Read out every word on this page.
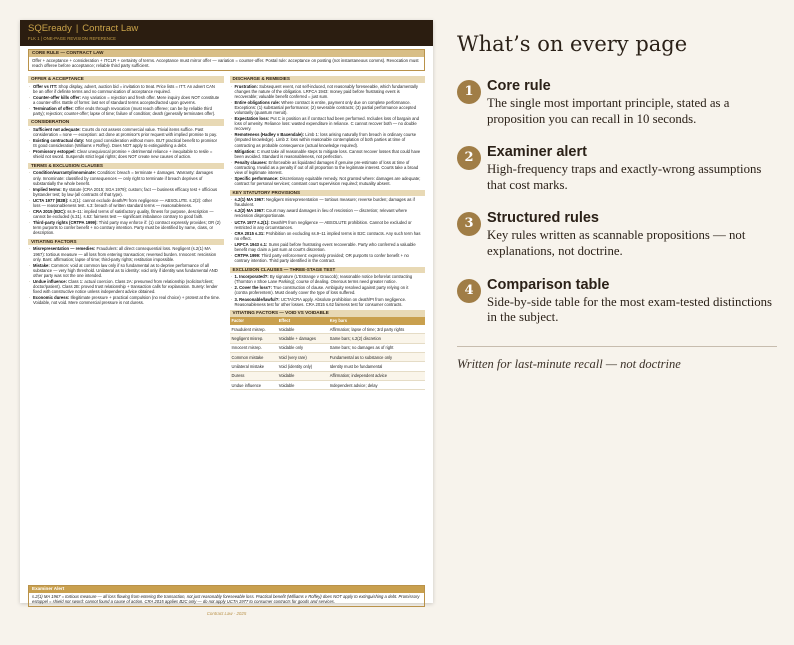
SQEready | Contract Law
FLK 1 | ONE-PAGE REVISION REFERENCE
CORE RULE — CONTRACT LAW
Offer + acceptance + consideration + ITCLR + certainty of terms. Acceptance must mirror offer — variation = counter-offer. Postal rule: acceptance on posting (not instantaneous comms). Revocation must reach offeree before acceptance; reliable third party sufficient.
OFFER & ACCEPTANCE
· Offer vs ITT: Shop display, advert, auction bid = invitation to treat. Price lists = ITT. An advert CAN be an offer if definite terms and no communication of acceptance required.
· Counter-offer kills offer: Any variation = rejection and fresh offer. Mere inquiry does NOT constitute a counter-offer. Battle of forms: last set of standard terms accepted/acted upon governs.
· Termination of offer: Offer ends through revocation (must reach offeree; can be by reliable third party); rejection; counter-offer; lapse of time; failure of condition; death (generally terminates offer).
CONSIDERATION
· Sufficient not adequate: Courts do not assess commercial value. Trivial items suffice. Past consideration = none — exception: act done at promisor's prior request with implied promise to pay.
· Existing contractual duty: Not good consideration without more. BUT practical benefit to promisor IS good consideration (Williams v Roffey). Does NOT apply to extinguishing a debt.
· Promissory estoppel: Clear unequivocal promise + detrimental reliance + inequitable to resile = shield not sword. Suspends strict legal rights; does NOT create new causes of action.
TERMS & EXCLUSION CLAUSES
· Condition/warranty/innominate: Condition: breach = terminate + damages. Warranty: damages only. Innominate: classified by consequences — only right to terminate if breach deprives of substantially the whole benefit.
· Implied terms: By statute (CRA 2015; SGA 1979); custom; fact — business efficacy test + officious bystander test; by law (all contracts of that type).
· UCTA 1977 (B2B): s.2(1): cannot exclude death/PI from negligence — ABSOLUTE. s.2(2): other loss — reasonableness test. s.3: breach of written standard terms — reasonableness.
· CRA 2015 (B2C): ss.9–11: implied terms of satisfactory quality, fitness for purpose, description — cannot be excluded (s.31). s.62: fairness test — significant imbalance contrary to good faith.
· Third-party rights (CRTPA 1999): Third party may enforce if: (1) contract expressly provides; OR (2) term purports to confer benefit + no contrary intention. Party must be identified by name, class, or description.
VITIATING FACTORS
· Misrepresentation — remedies: Fraudulent: all direct consequential loss. Negligent (s.2(1) MA 1967): tortious measure — all loss from entering transaction; reversed burden. Innocent: rescission only. Bars: affirmation; lapse of time; third-party rights; restitution impossible.
· Mistake: Common: void at common law only if so fundamental as to deprive performance of all substance — very high threshold. Unilateral as to identity: void only if identity was fundamental AND other party was not the one intended.
· Undue influence: Class 1: actual coercion. Class 2A: presumed from relationship (solicitor/client; doctor/patient). Class 2B: proved trust relationship + transaction calls for explanation. Surety: lender fixed with constructive notice unless independent advice obtained.
· Economic duress: Illegitimate pressure + practical compulsion (no real choice) + protest at the time. Voidable, not void. Mere commercial pressure is not duress.
DISCHARGE & REMEDIES
· Frustration: Subsequent event, not self-induced, not reasonably foreseeable, which fundamentally changes the nature of the obligation. LRFCA 1943: money paid before frustrating event is recoverable; valuable benefit conferred = just sum.
· Entire obligations rule: Where contract is entire, payment only due on complete performance. Exceptions: (1) substantial performance; (2) severable contracts; (3) partial performance accepted voluntarily (quantum meruit).
· Expectation loss: Put C in position as if contract had been performed. Includes loss of bargain and loss of amenity. Reliance loss: wasted expenditure in reliance. C cannot recover both — no double recovery.
· Remoteness (Hadley v Baxendale): Limb 1: loss arising naturally from breach in ordinary course (imputed knowledge). Limb 2: loss within reasonable contemplation of both parties at time of contracting as probable consequence (actual knowledge required).
· Mitigation: C must take all reasonable steps to mitigate loss. Cannot recover losses that could have been avoided. Standard is reasonableness, not perfection.
· Penalty clauses: Enforceable as liquidated damages if genuine pre-estimate of loss at time of contracting. Invalid as a penalty if out of all proportion to the legitimate interest. Courts take a broad view of legitimate interest.
· Specific performance: Discretionary equitable remedy. Not granted where: damages are adequate; contract for personal services; constant court supervision required; mutuality absent.
KEY STATUTORY PROVISIONS
· s.2(1) MA 1967: Negligent misrepresentation — tortious measure; reverse burden; damages as if fraudulent.
· s.2(2) MA 1967: Court may award damages in lieu of rescission — discretion; relevant where rescission disproportionate.
· UCTA 1977 s.2(1): Death/PI from negligence — ABSOLUTE prohibition. Cannot be excluded or restricted in any circumstances.
· CRA 2015 s.31: Prohibition on excluding ss.9–11 implied terms in B2C contracts. Any such term has no effect.
· LRFCA 1943 s.1: Sums paid before frustrating event recoverable. Party who conferred a valuable benefit may claim a just sum at court's discretion.
· CRTPA 1999: Third party enforcement: expressly provided; OR purports to confer benefit + no contrary intention. Third party identified in the contract.
EXCLUSION CLAUSES — THREE-STAGE TEST
· 1. Incorporated?: By signature (L'Estrange v Graucob); reasonable notice before/at contracting (Thornton v Shoe Lane Parking); course of dealing. Onerous terms need greater notice.
· 2. Cover the loss?: True construction of clause. Ambiguity resolved against party relying on it (contra proferentem). Must clearly cover the type of loss suffered.
· 3. Reasonable/lawful?: UCTA/CRA apply. Absolute prohibition on death/PI from negligence. Reasonableness test for other losses. CRA 2015 s.62 fairness test for consumer contracts.
VITIATING FACTORS — VOID VS VOIDABLE
Factor	Effect	Key bars
Fraudulent misrep.	Voidable	Affirmation; lapse of time; 3rd party rights
Negligent misrep.	Voidable + damages	Same bars; s.2(2) discretion
Innocent misrep.	Voidable only	Same bars; no damages as of right
Common mistake	Void (very rare)	Fundamental as to substance only
Unilateral mistake	Void (identity only)	Identity must be fundamental
Duress	Voidable	Affirmation; independent advice
Undue influence	Voidable	Independent advice; delay
Examiner Alert
s.2(1) MA 1967 = tortious measure — all loss flowing from entering the transaction, not just reasonably foreseeable loss. Practical benefit (Williams v Roffey) does NOT apply to extinguishing a debt. Promissory estoppel = shield not sword: cannot found a cause of action. CRA 2015 applies B2C only — do not apply UCTA 1977 to consumer contracts for goods and services.
Contract Law · 2025
What’s on every page
1 Core rule
The single most important principle, stated as a proposition you can recall in 10 seconds.
2 Examiner alert
High-frequency traps and exactly-wrong assumptions that cost marks.
3 Structured rules
Key rules written as scannable propositions — not explanations, not doctrine.
4 Comparison table
Side-by-side table for the most exam-tested distinctions in the subject.
Written for last-minute recall — not doctrine
